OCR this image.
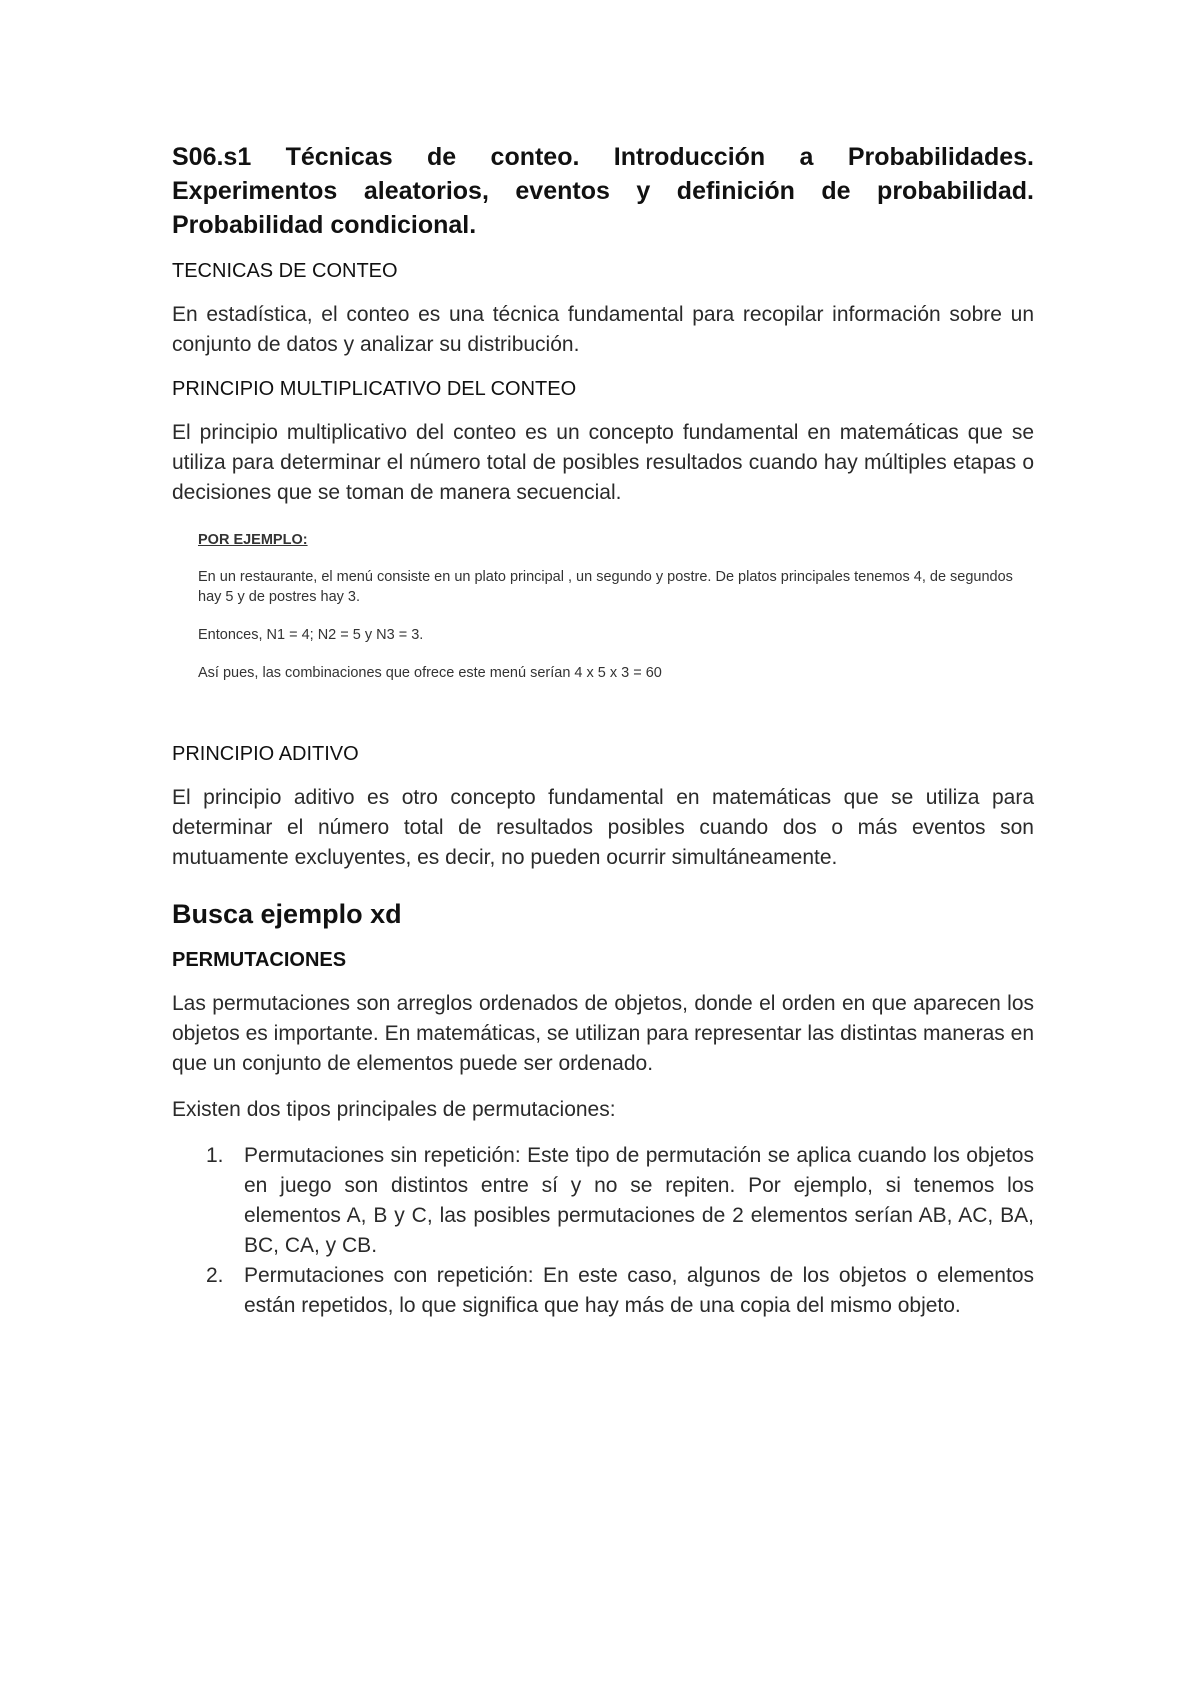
S06.s1 Técnicas de conteo. Introducción a Probabilidades. Experimentos aleatorios, eventos y definición de probabilidad. Probabilidad condicional.
TECNICAS DE CONTEO
En estadística, el conteo es una técnica fundamental para recopilar información sobre un conjunto de datos y analizar su distribución.
PRINCIPIO MULTIPLICATIVO DEL CONTEO
El principio multiplicativo del conteo es un concepto fundamental en matemáticas que se utiliza para determinar el número total de posibles resultados cuando hay múltiples etapas o decisiones que se toman de manera secuencial.
POR EJEMPLO:
En un restaurante, el menú consiste en un plato principal , un segundo y postre. De platos principales tenemos 4, de segundos hay 5 y de postres hay 3.
Entonces, N1 = 4; N2 = 5 y N3 = 3.
Así pues, las combinaciones que ofrece este menú serían 4 x 5 x 3 = 60
PRINCIPIO ADITIVO
El principio aditivo es otro concepto fundamental en matemáticas que se utiliza para determinar el número total de resultados posibles cuando dos o más eventos son mutuamente excluyentes, es decir, no pueden ocurrir simultáneamente.
Busca ejemplo xd
PERMUTACIONES
Las permutaciones son arreglos ordenados de objetos, donde el orden en que aparecen los objetos es importante. En matemáticas, se utilizan para representar las distintas maneras en que un conjunto de elementos puede ser ordenado.
Existen dos tipos principales de permutaciones:
1. Permutaciones sin repetición: Este tipo de permutación se aplica cuando los objetos en juego son distintos entre sí y no se repiten. Por ejemplo, si tenemos los elementos A, B y C, las posibles permutaciones de 2 elementos serían AB, AC, BA, BC, CA, y CB.
2. Permutaciones con repetición: En este caso, algunos de los objetos o elementos están repetidos, lo que significa que hay más de una copia del mismo objeto.
